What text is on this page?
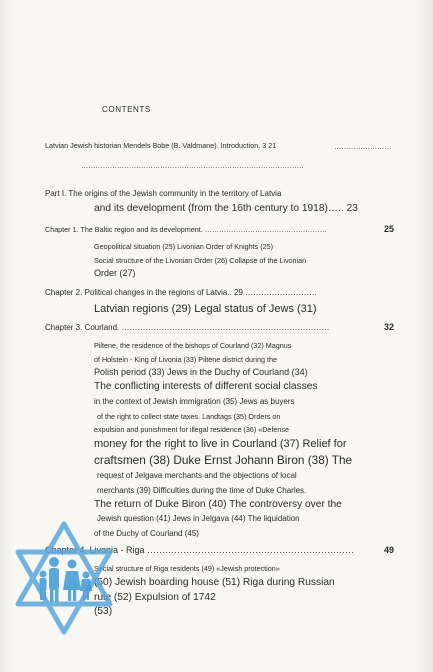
CONTENTS
Latvian Jewish historian Mendels Bobe (B. Valdmane). Introduction. 3 21	……………………
…………………………………………………………………………………
Part I. The origins of the Jewish community in the territory of Latvia
and its development (from the 16th century to 1918)….. 23
Chapter 1. The Baltic region and its development. ……………………………………………	25
Geopolitical situation (25) Livonian Order of Knights (25)
Social structure of the Livonian Order (26) Collapse of the Livonian
Order (27)
Chapter 2. Political changes in the regions of Latvia.. 29 ………………………
Latvian regions (29) Legal status of Jews (31)
Chapter 3. Courland. ……………………………………………………………………	32
Piltene, the residence of the bishops of Courland (32) Magnus
of Holstein - King of Livonia (33) Piltene district during the
Polish period (33) Jews in the Duchy of Courland (34)
The conflicting interests of different social classes
in the context of Jewish immigration (35) Jews as buyers
of the right to collect state taxes. Landtags (35) Orders on
expulsion and punishment for illegal residence (36) «Defense
money for the right to live in Courland (37) Relief for
craftsmen (38) Duke Ernst Johann Biron (38) The
request of Jelgava merchants and the objections of local
merchants (39) Difficulties during the time of Duke Charles.
The return of Duke Biron (40) The controversy over the
Jewish question (41) Jews in Jelgava (44) The liquidation
of the Duchy of Courland (45)
Chapter 4. Livonia - Riga ……………………………………………………………	49
Social structure of Riga residents (49) «Jewish protection»
(50) Jewish boarding house (51) Riga during Russian
rule (52) Expulsion of 1742
(53)
